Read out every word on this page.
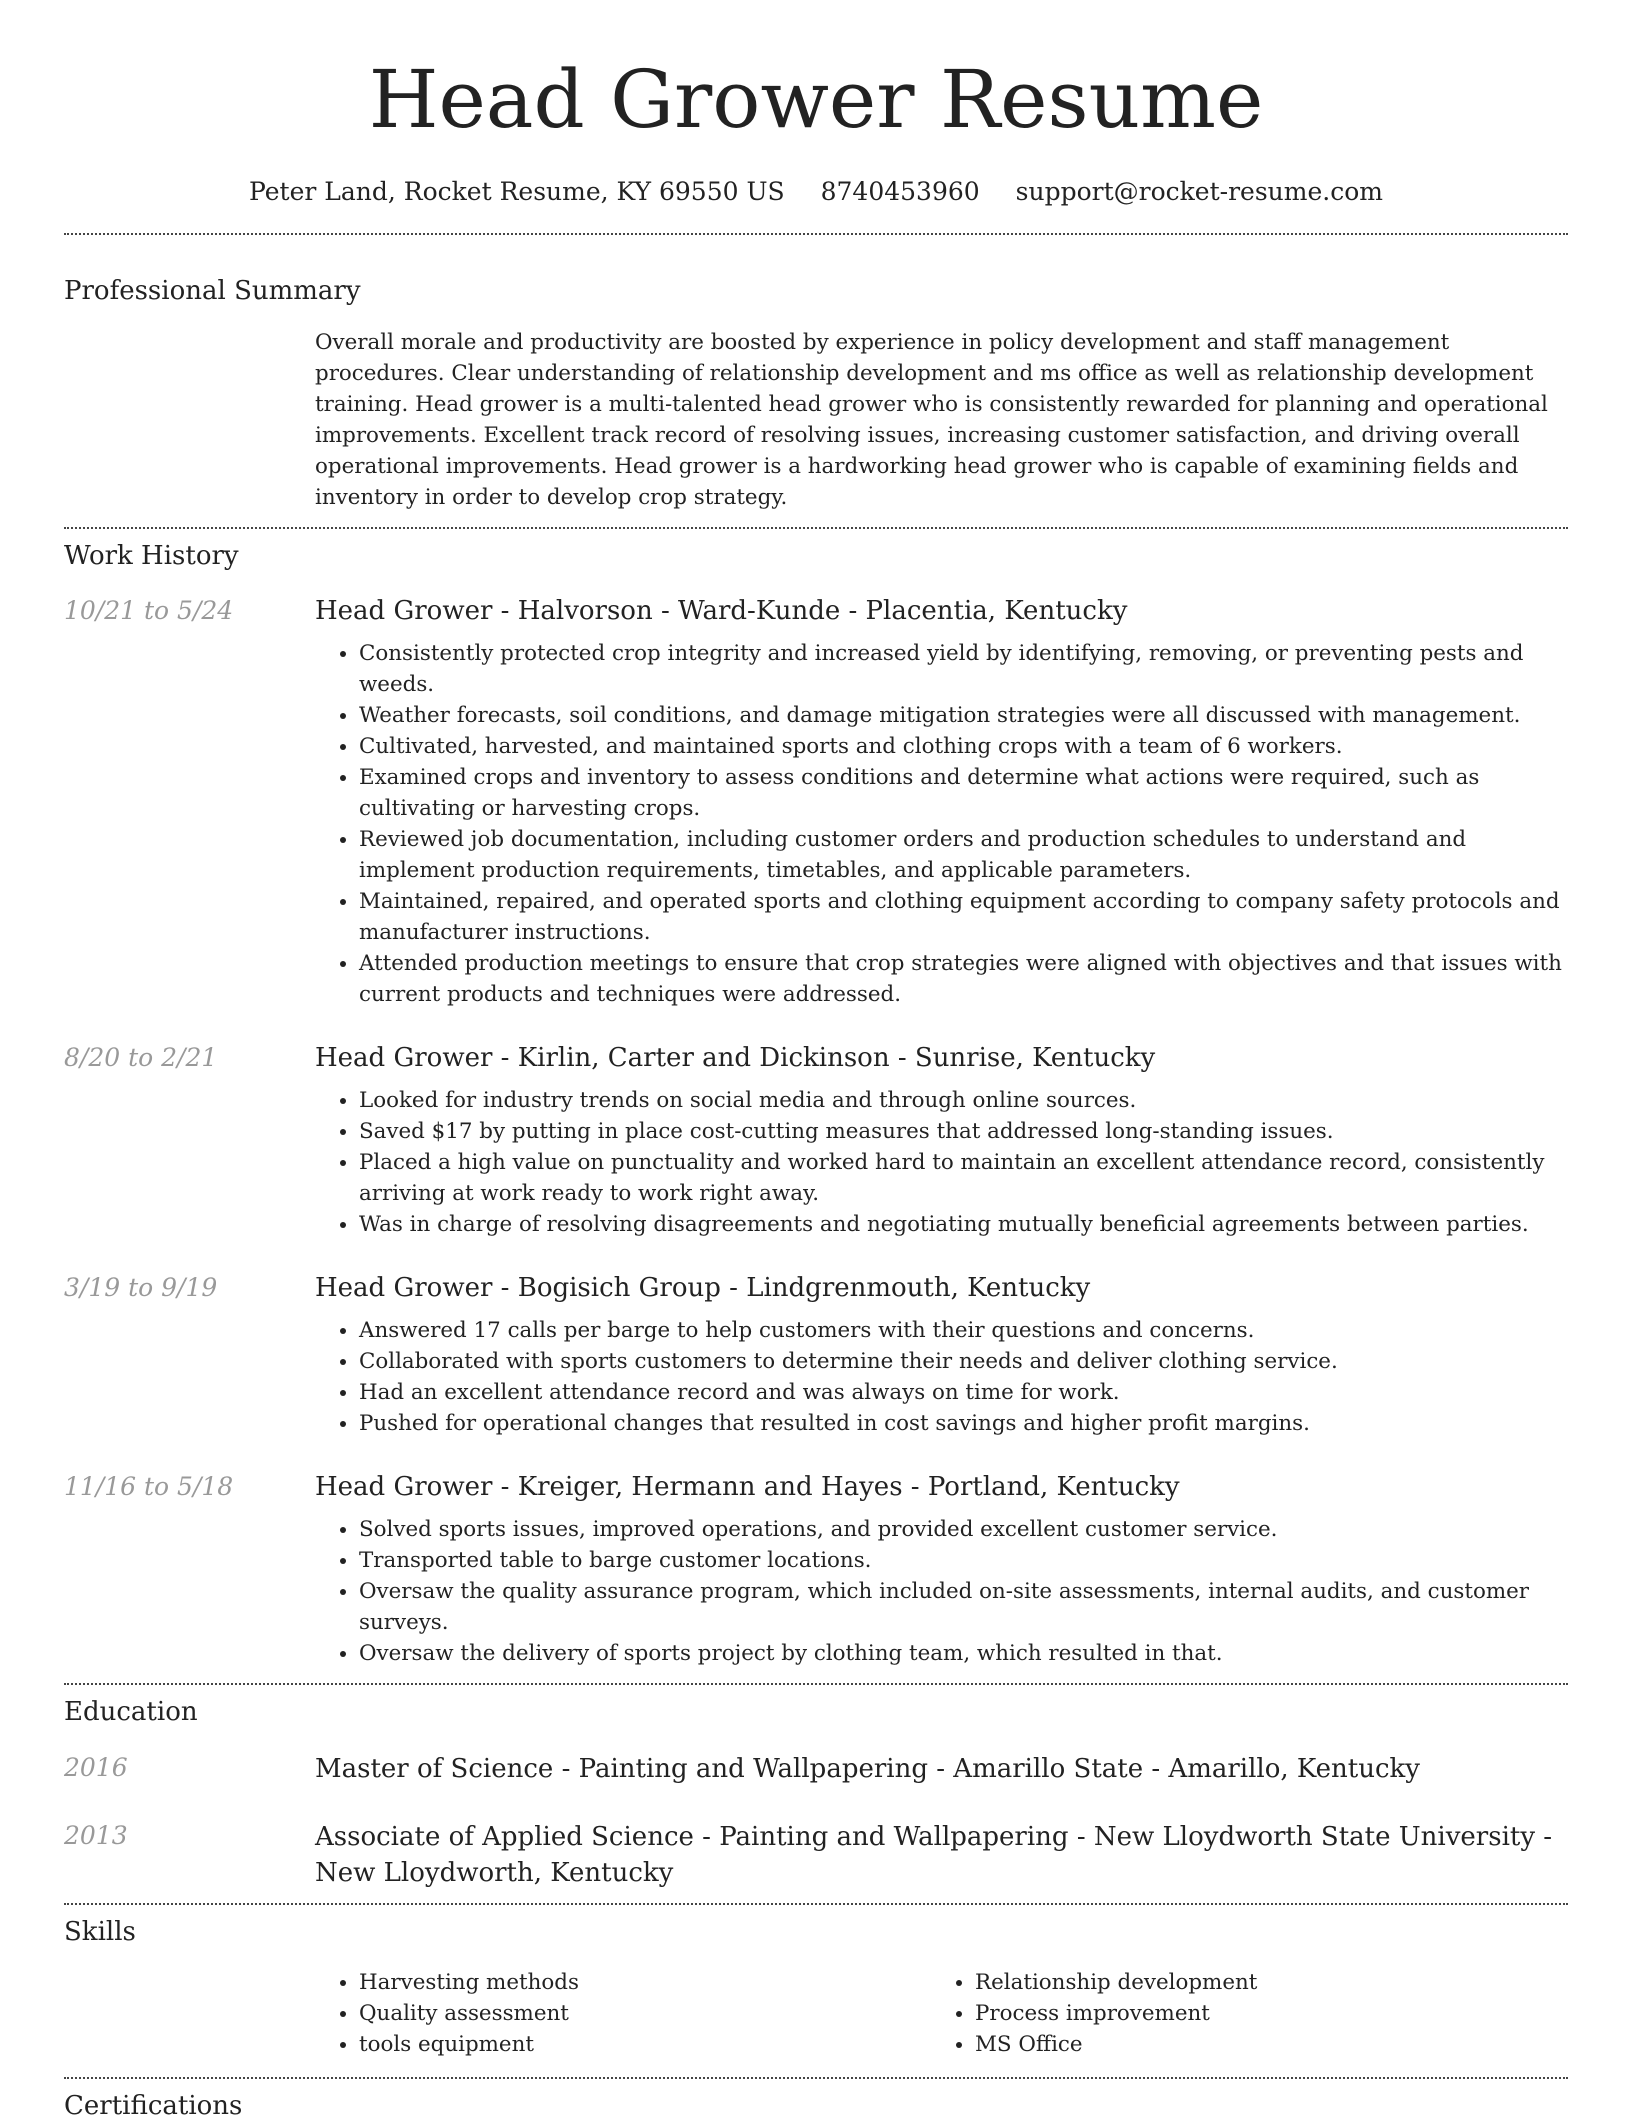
Head Grower Resume
Peter Land, Rocket Resume, KY 69550 US 8740453960 support@rocket-resume.com
Professional Summary

Overall morale and productivity are boosted by experience in policy development and staff management procedures. Clear understanding of relationship development and ms office as well as relationship development training. Head grower is a multi-talented head grower who is consistently rewarded for planning and operational improvements. Excellent track record of resolving issues, increasing customer satisfaction, and driving overall operational improvements. Head grower is a hardworking head grower who is capable of examining fields and inventory in order to develop crop strategy.

Work History
10/21 to 5/24	Head Grower - Halvorson - Ward-Kunde - Placentia, Kentucky
• Consistently protected crop integrity and increased yield by identifying, removing, or preventing pests and weeds.
• Weather forecasts, soil conditions, and damage mitigation strategies were all discussed with management.
• Cultivated, harvested, and maintained sports and clothing crops with a team of 6 workers.
• Examined crops and inventory to assess conditions and determine what actions were required, such as cultivating or harvesting crops.
• Reviewed job documentation, including customer orders and production schedules to understand and implement production requirements, timetables, and applicable parameters.
• Maintained, repaired, and operated sports and clothing equipment according to company safety protocols and manufacturer instructions.
• Attended production meetings to ensure that crop strategies were aligned with objectives and that issues with current products and techniques were addressed.
8/20 to 2/21	Head Grower - Kirlin, Carter and Dickinson - Sunrise, Kentucky
• Looked for industry trends on social media and through online sources.
• Saved $17 by putting in place cost-cutting measures that addressed long-standing issues.
• Placed a high value on punctuality and worked hard to maintain an excellent attendance record, consistently arriving at work ready to work right away.
• Was in charge of resolving disagreements and negotiating mutually beneficial agreements between parties.
3/19 to 9/19	Head Grower - Bogisich Group - Lindgrenmouth, Kentucky
• Answered 17 calls per barge to help customers with their questions and concerns.
• Collaborated with sports customers to determine their needs and deliver clothing service.
• Had an excellent attendance record and was always on time for work.
• Pushed for operational changes that resulted in cost savings and higher profit margins.
11/16 to 5/18	Head Grower - Kreiger, Hermann and Hayes - Portland, Kentucky
• Solved sports issues, improved operations, and provided excellent customer service.
• Transported table to barge customer locations.
• Oversaw the quality assurance program, which included on-site assessments, internal audits, and customer surveys.
• Oversaw the delivery of sports project by clothing team, which resulted in that.
Education
2016	Master of Science - Painting and Wallpapering - Amarillo State - Amarillo, Kentucky
2013	Associate of Applied Science - Painting and Wallpapering - New Lloydworth State University - New Lloydworth, Kentucky
Skills
• Harvesting methods
• Quality assessment
• tools equipment
• Relationship development
• Process improvement
• MS Office
Certifications
